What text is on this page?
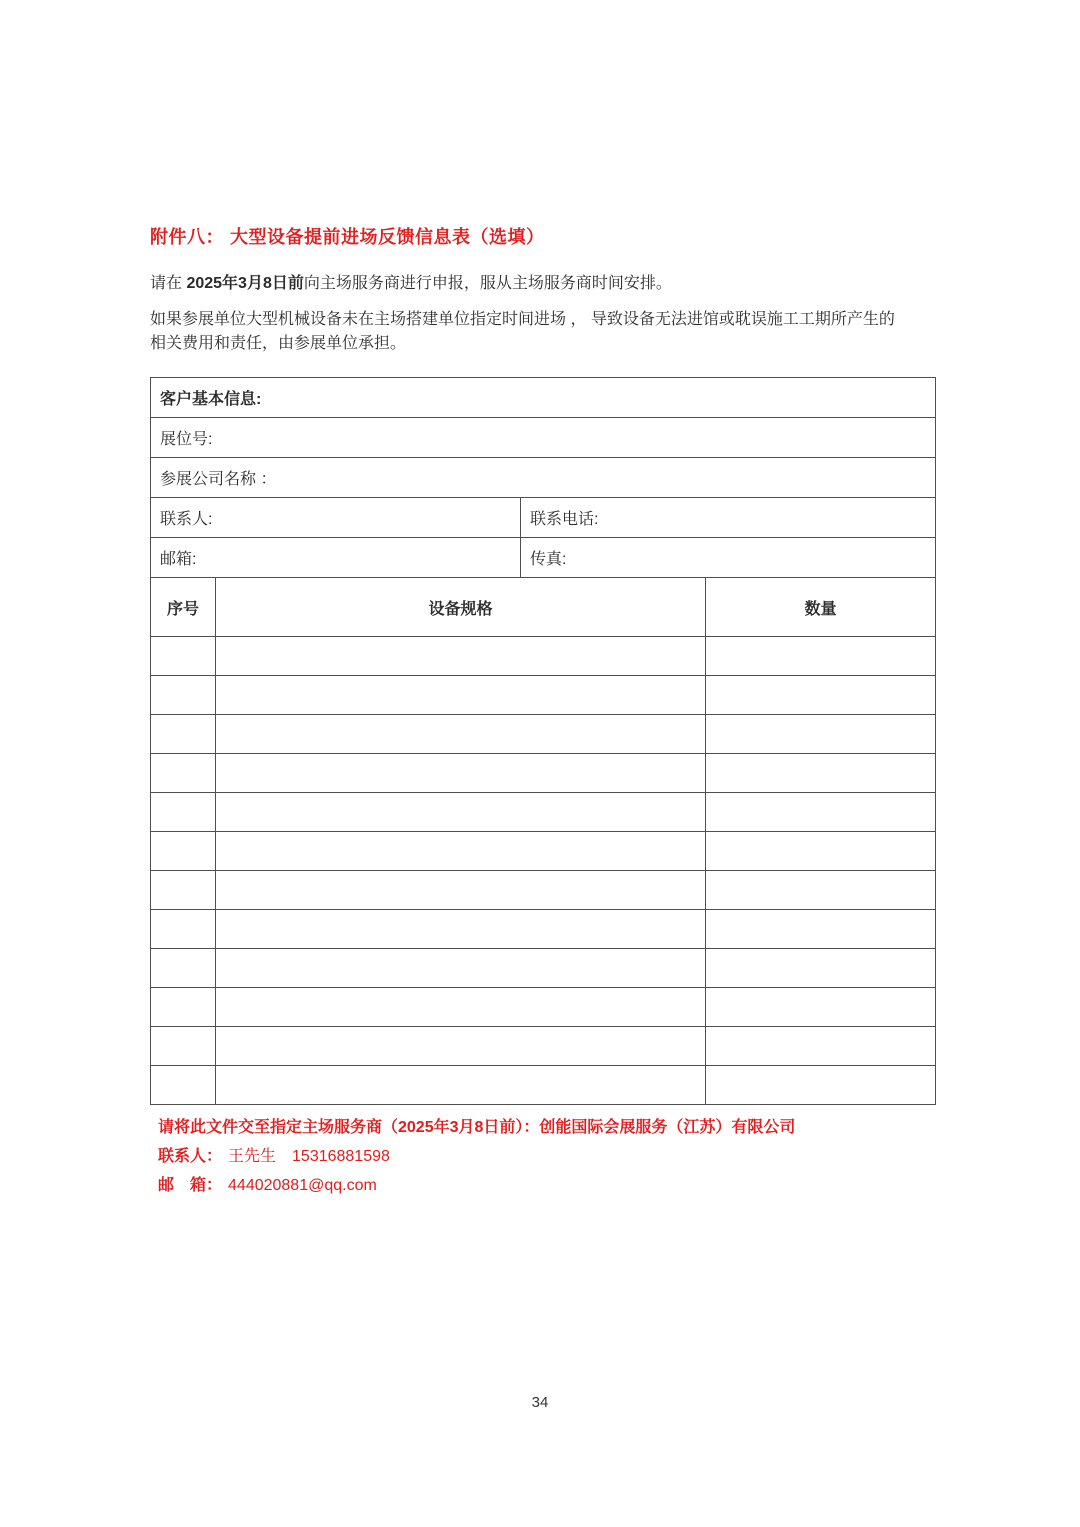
附件八： 大型设备提前进场反馈信息表（选填）

请在 2025年3月8日前向主场服务商进行申报，服从主场服务商时间安排。

如果参展单位大型机械设备未在主场搭建单位指定时间进场 ， 导致设备无法进馆或耽误施工工期所产生的相关费用和责任，由参展单位承担。

客户基本信息:			
展位号:			
参展公司名称 ：			
联系人:		联系电话:	
邮箱:		传真:	
序号	设备规格		数量

请将此文件交至指定主场服务商（2025年3月8日前）：创能国际会展服务（江苏）有限公司

联系人： 王先生　15316881598

邮　箱： 444020881@qq.com

34
